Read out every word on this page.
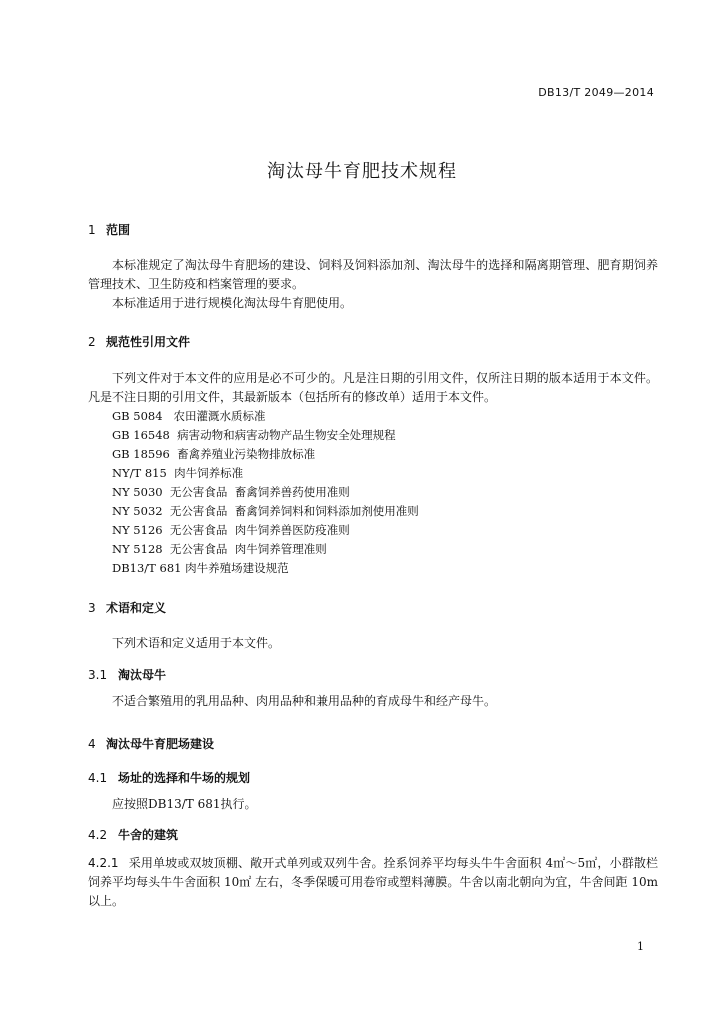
DB13/T 2049—2014
淘汰母牛育肥技术规程
1 范围
本标准规定了淘汰母牛育肥场的建设、饲料及饲料添加剂、淘汰母牛的选择和隔离期管理、肥育期饲养管理技术、卫生防疫和档案管理的要求。
本标准适用于进行规模化淘汰母牛育肥使用。
2 规范性引用文件
下列文件对于本文件的应用是必不可少的。凡是注日期的引用文件，仅所注日期的版本适用于本文件。凡是不注日期的引用文件，其最新版本（包括所有的修改单）适用于本文件。
GB 5084   农田灌溉水质标准
GB 16548  病害动物和病害动物产品生物安全处理规程
GB 18596  畜禽养殖业污染物排放标准
NY/T 815  肉牛饲养标准
NY 5030  无公害食品  畜禽饲养兽药使用准则
NY 5032  无公害食品  畜禽饲养饲料和饲料添加剂使用准则
NY 5126  无公害食品  肉牛饲养兽医防疫准则
NY 5128  无公害食品  肉牛饲养管理准则
DB13/T 681 肉牛养殖场建设规范
3 术语和定义
下列术语和定义适用于本文件。
3.1 淘汰母牛
不适合繁殖用的乳用品种、肉用品种和兼用品种的育成母牛和经产母牛。
4 淘汰母牛育肥场建设
4.1 场址的选择和牛场的规划
应按照DB13/T 681执行。
4.2 牛舍的建筑
4.2.1 采用单坡或双坡顶棚、敞开式单列或双列牛舍。拴系饲养平均每头牛牛舍面积 4㎡～5㎡，小群散栏饲养平均每头牛牛舍面积 10㎡ 左右，冬季保暖可用卷帘或塑料薄膜。牛舍以南北朝向为宜，牛舍间距 10m 以上。
1
